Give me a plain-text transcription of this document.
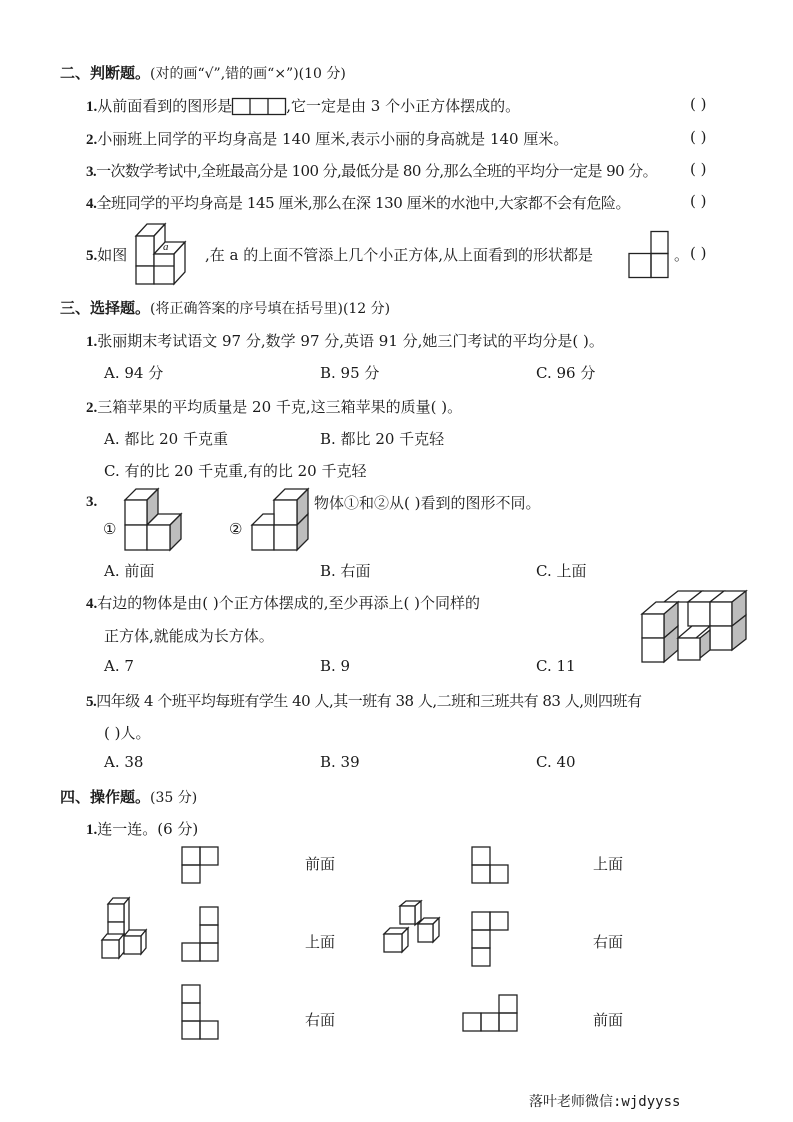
二、判断题。(对的画“√”,错的画“×”)(10 分)
1.从前面看到的图形是	,它一定是由 3 个小正方体摆成的。	( )
2.小丽班上同学的平均身高是 140 厘米,表示小丽的身高就是 140 厘米。	( )
3.一次数学考试中,全班最高分是 100 分,最低分是 80 分,那么全班的平均分一定是 90 分。 ( )
4.全班同学的平均身高是 145 厘米,那么在深 130 厘米的水池中,大家都不会有危险。	( )
5.如图	a ,在 a 的上面不管添上几个小正方体,从上面看到的形状都是	。 ( )
三、选择题。(将正确答案的序号填在括号里)(12 分)
1.张丽期末考试语文 97 分,数学 97 分,英语 91 分,她三门考试的平均分是( )。
A. 94 分	B. 95 分	C. 96 分
2.三箱苹果的平均质量是 20 千克,这三箱苹果的质量( )。
A. 都比 20 千克重	B. 都比 20 千克轻
C. 有的比 20 千克重,有的比 20 千克轻
3.
①	②
物体①和②从( )看到的图形不同。
A. 前面	B. 右面	C. 上面
4.右边的物体是由( )个正方体摆成的,至少再添上( )个同样的
正方体,就能成为长方体。
A. 7	B. 9	C. 11
5.四年级 4 个班平均每班有学生 40 人,其一班有 38 人,二班和三班共有 83 人,则四班有
( )人。
A. 38	B. 39	C. 40
四、操作题。(35 分)
1.连一连。(6 分)
前面
上面
右面
上面
右面
前面
落叶老师微信:wjdyyss
